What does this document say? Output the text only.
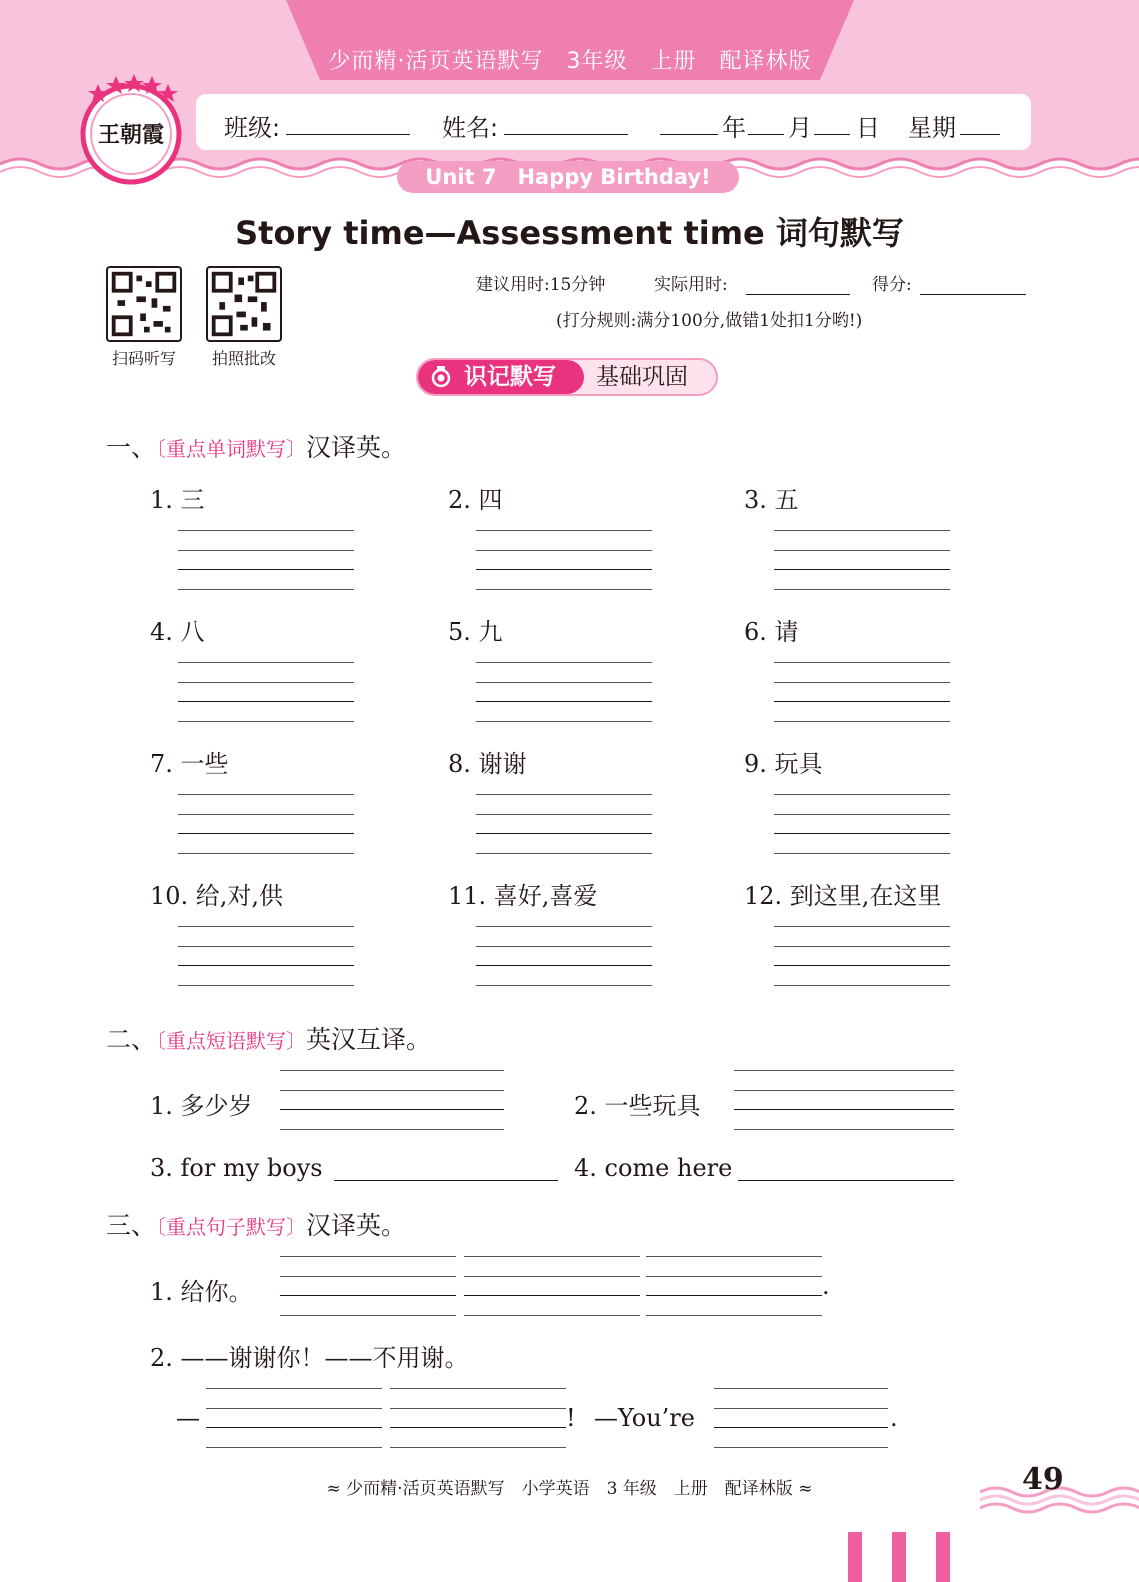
少而精·活页英语默写　3年级　上册　配译林版
班级:	姓名:	年 月 日 星期
Unit 7　Happy Birthday!
王朝霞
Story time—Assessment time 词句默写
扫码听写	拍照批改
建议用时:15分钟	实际用时:	得分:
(打分规则:满分100分,做错1处扣1分哟!)
识记默写	基础巩固
一、〔重点单词默写〕汉译英。
1. 三	2. 四	3. 五
4. 八	5. 九	6. 请
7. 一些	8. 谢谢	9. 玩具
10. 给,对,供	11. 喜好,喜爱	12. 到这里,在这里
二、〔重点短语默写〕英汉互译。
1. 多少岁	2. 一些玩具
3. for my boys	4. come here
三、〔重点句子默写〕汉译英。
1. 给你。	.
2. ——谢谢你！——不用谢。
—	! —You’re	.
≈ 少而精·活页英语默写　小学英语　3 年级　上册　配译林版 ≈	49
